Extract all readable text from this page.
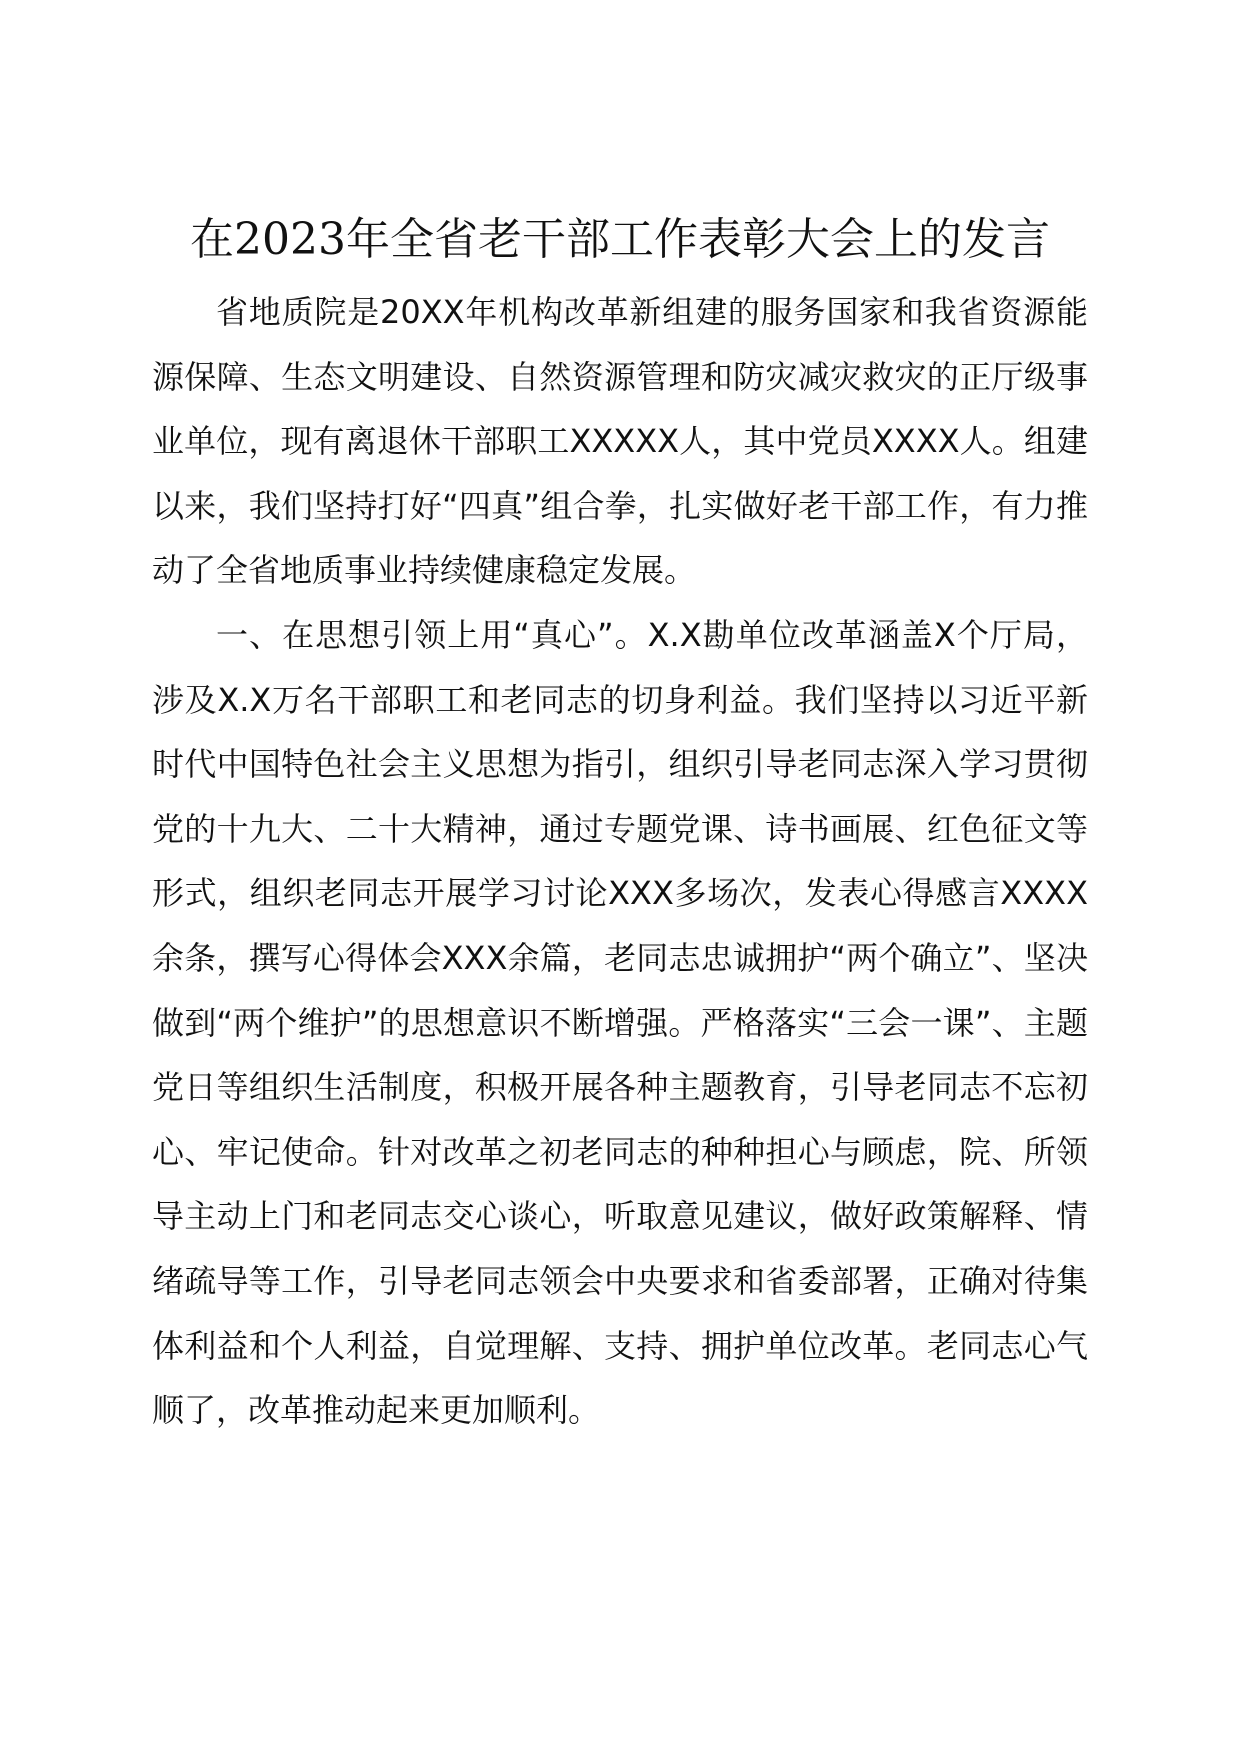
在2023年全省老干部工作表彰大会上的发言

省地质院是20XX年机构改革新组建的服务国家和我省资源能源保障、生态文明建设、自然资源管理和防灾减灾救灾的正厅级事业单位，现有离退休干部职工XXXXX人，其中党员XXXX人。组建以来，我们坚持打好“四真”组合拳，扎实做好老干部工作，有力推动了全省地质事业持续健康稳定发展。

一、在思想引领上用“真心”。X.X勘单位改革涵盖X个厅局，涉及X.X万名干部职工和老同志的切身利益。我们坚持以习近平新时代中国特色社会主义思想为指引，组织引导老同志深入学习贯彻党的十九大、二十大精神，通过专题党课、诗书画展、红色征文等形式，组织老同志开展学习讨论XXX多场次，发表心得感言XXXX余条，撰写心得体会XXX余篇，老同志忠诚拥护“两个确立”、坚决做到“两个维护”的思想意识不断增强。严格落实“三会一课”、主题党日等组织生活制度，积极开展各种主题教育，引导老同志不忘初心、牢记使命。针对改革之初老同志的种种担心与顾虑，院、所领导主动上门和老同志交心谈心，听取意见建议，做好政策解释、情绪疏导等工作，引导老同志领会中央要求和省委部署，正确对待集体利益和个人利益，自觉理解、支持、拥护单位改革。老同志心气顺了，改革推动起来更加顺利。
